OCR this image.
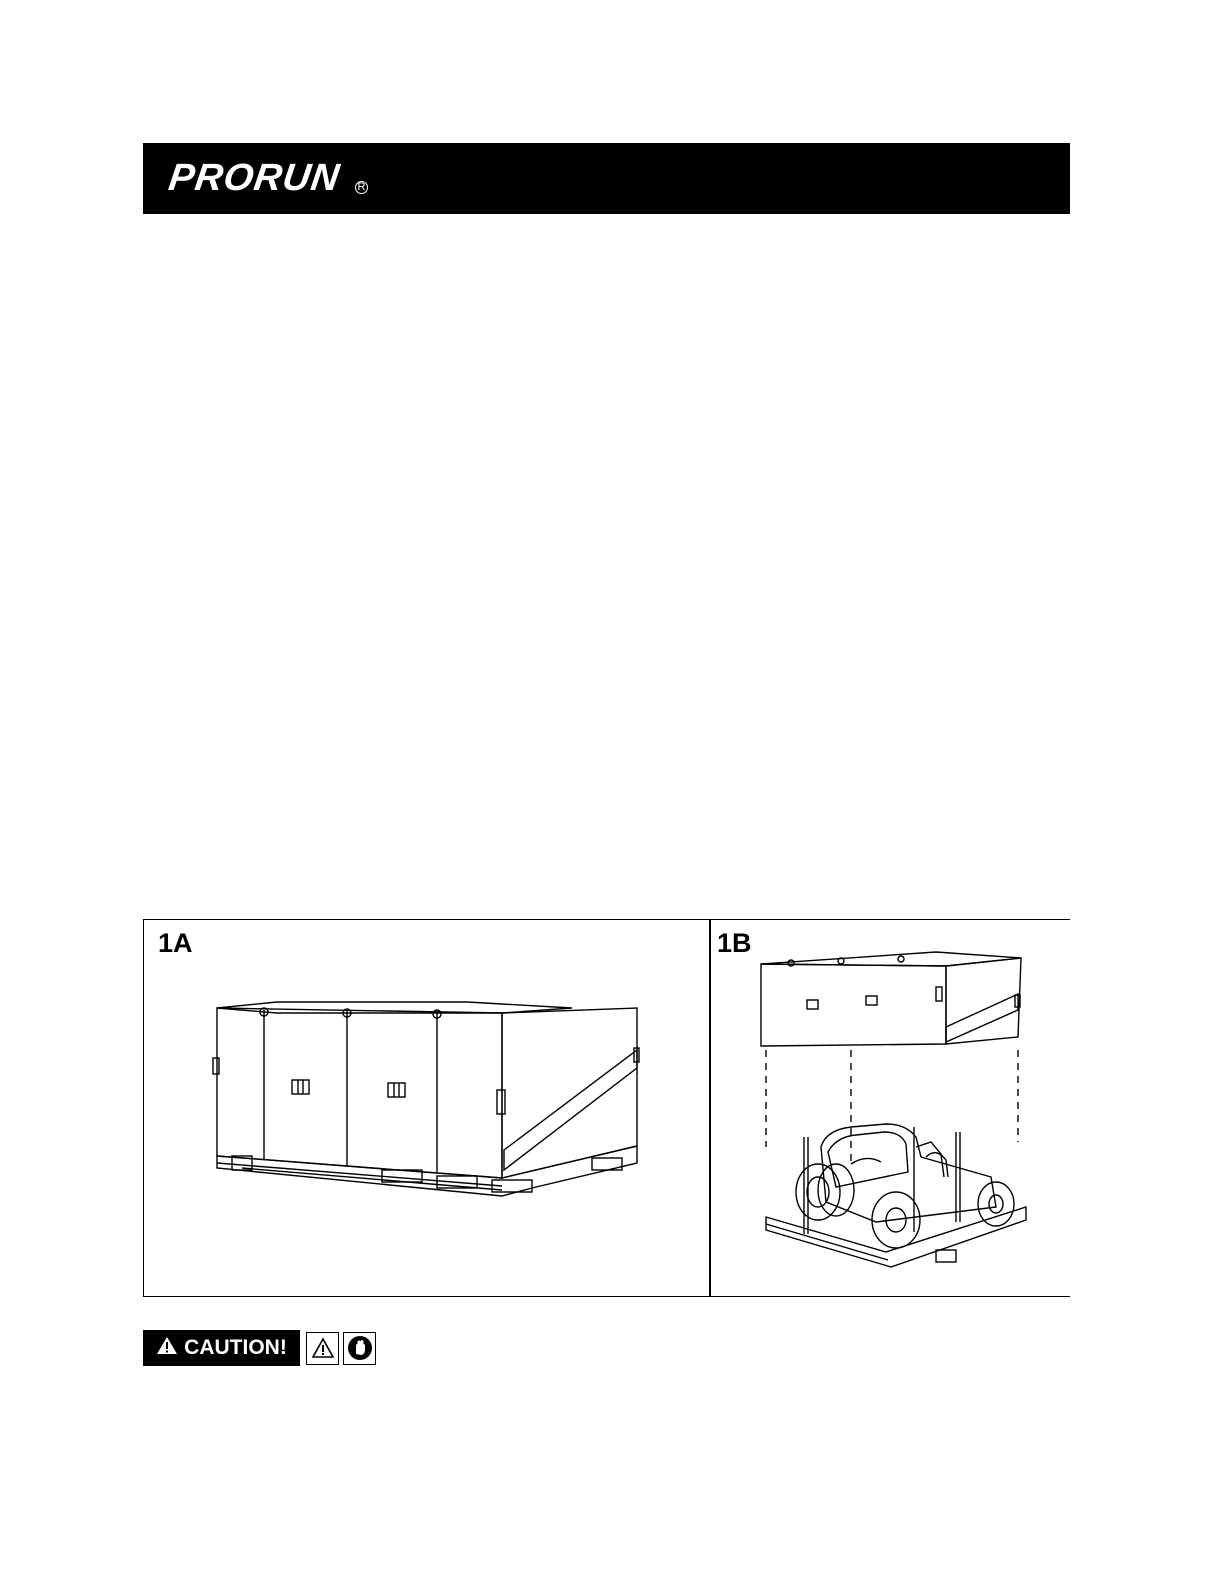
PRORUN R
1A	1B
CAUTION!
